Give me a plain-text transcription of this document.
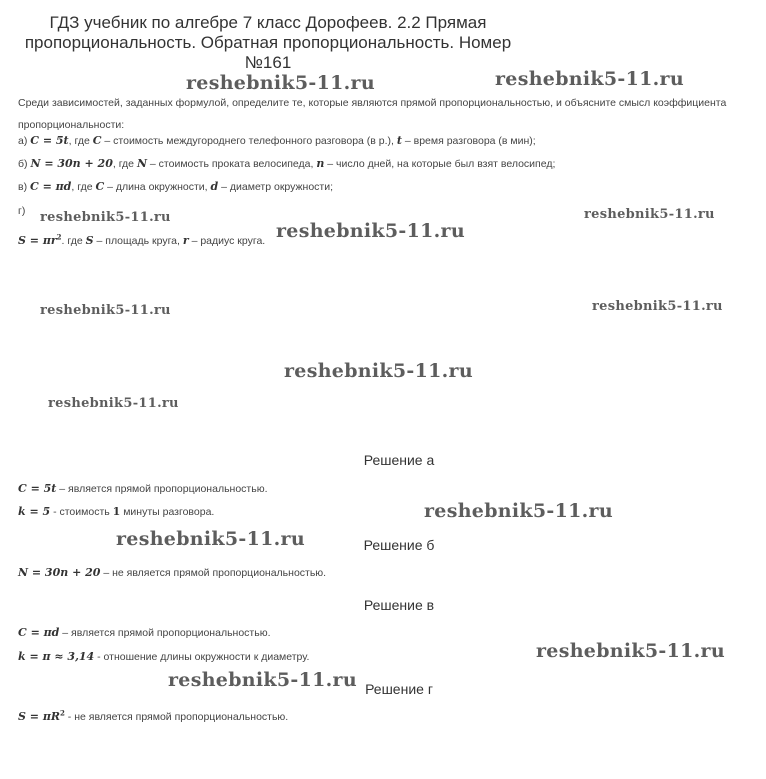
ГДЗ учебник по алгебре 7 класс Дорофеев. 2.2 Прямая
пропорциональность. Обратная пропорциональность. Номер
№161
Среди зависимостей, заданных формулой, определите те, которые являются прямой пропорциональностью, и объясните смысл коэффициента пропорциональности:
а) C = 5t, где C – стоимость междугороднего телефонного разговора (в р.), t – время разговора (в мин);
б) N = 30n + 20, где N – стоимость проката велосипеда, n – число дней, на которые был взят велосипед;
в) C = πd, где C – длина окружности, d – диаметр окружности;
г)
$S = \pi r^2$. где S – площадь круга, r – радиус круга.
Решение а
C = 5t – является прямой пропорциональностью.
k = 5 - стоимость 1 минуты разговора.
Решение б
N = 30n + 20 – не является прямой пропорциональностью.
Решение в
C = πd – является прямой пропорциональностью.
k = π ≈ 3,14 - отношение длины окружности к диаметру.
Решение г
$S = \pi R^2$ - не является прямой пропорциональностью.
reshebnik5-11.ru	reshebnik5-11.ru
reshebnik5-11.ru	reshebnik5-11.ru
reshebnik5-11.ru
reshebnik5-11.ru	reshebnik5-11.ru
reshebnik5-11.ru
reshebnik5-11.ru
reshebnik5-11.ru
reshebnik5-11.ru
reshebnik5-11.ru
reshebnik5-11.ru
